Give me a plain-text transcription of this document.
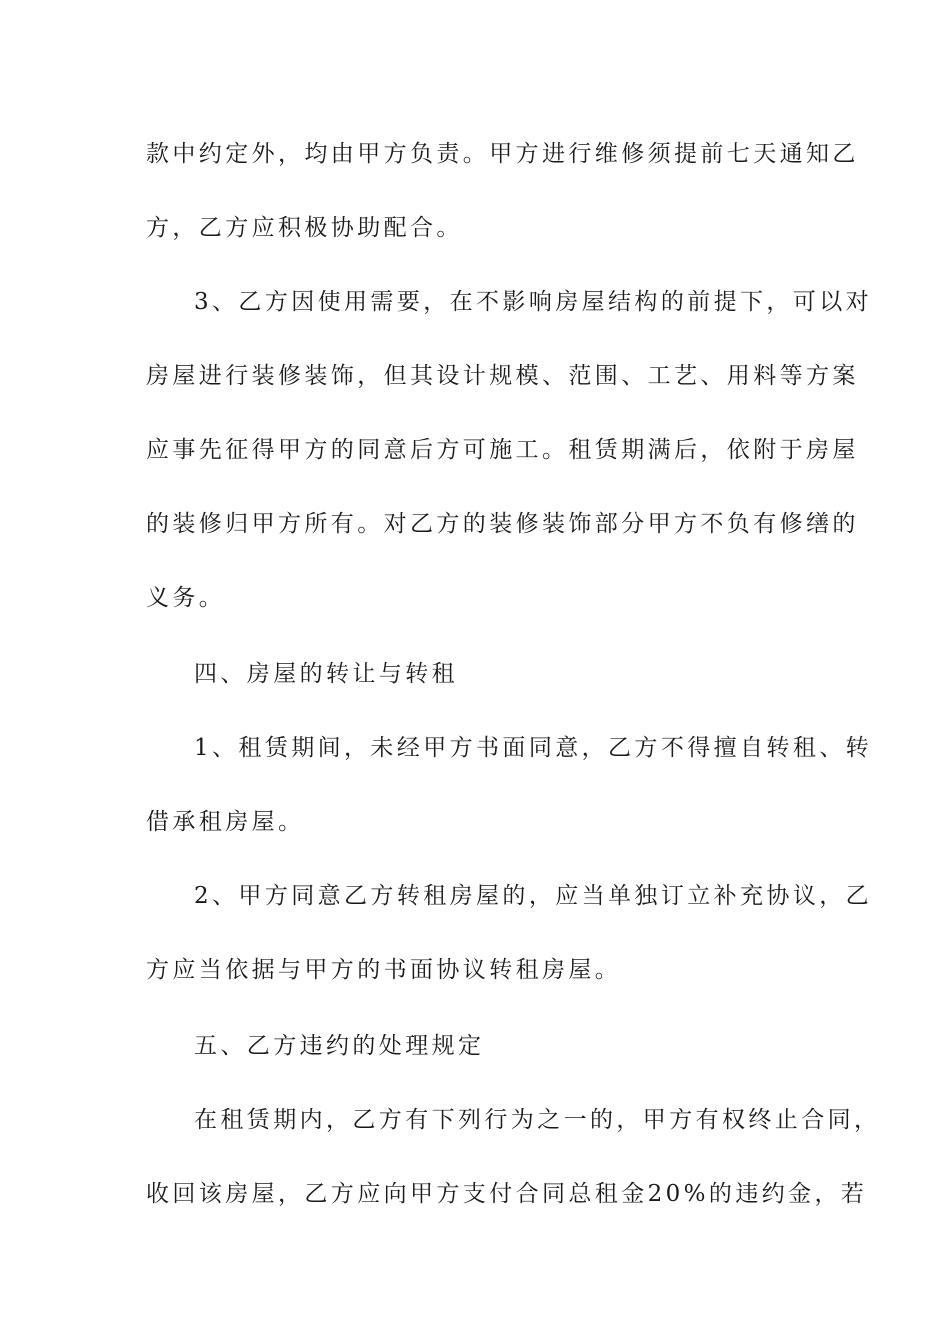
款中约定外，均由甲方负责。甲方进行维修须提前七天通知乙
方，乙方应积极协助配合。
3、乙方因使用需要，在不影响房屋结构的前提下，可以对
房屋进行装修装饰，但其设计规模、范围、工艺、用料等方案
应事先征得甲方的同意后方可施工。租赁期满后，依附于房屋
的装修归甲方所有。对乙方的装修装饰部分甲方不负有修缮的
义务。
四、房屋的转让与转租
1、租赁期间，未经甲方书面同意，乙方不得擅自转租、转
借承租房屋。
2、甲方同意乙方转租房屋的，应当单独订立补充协议，乙
方应当依据与甲方的书面协议转租房屋。
五、乙方违约的处理规定
在租赁期内，乙方有下列行为之一的，甲方有权终止合同，
收回该房屋，乙方应向甲方支付合同总租金20%的违约金，若
